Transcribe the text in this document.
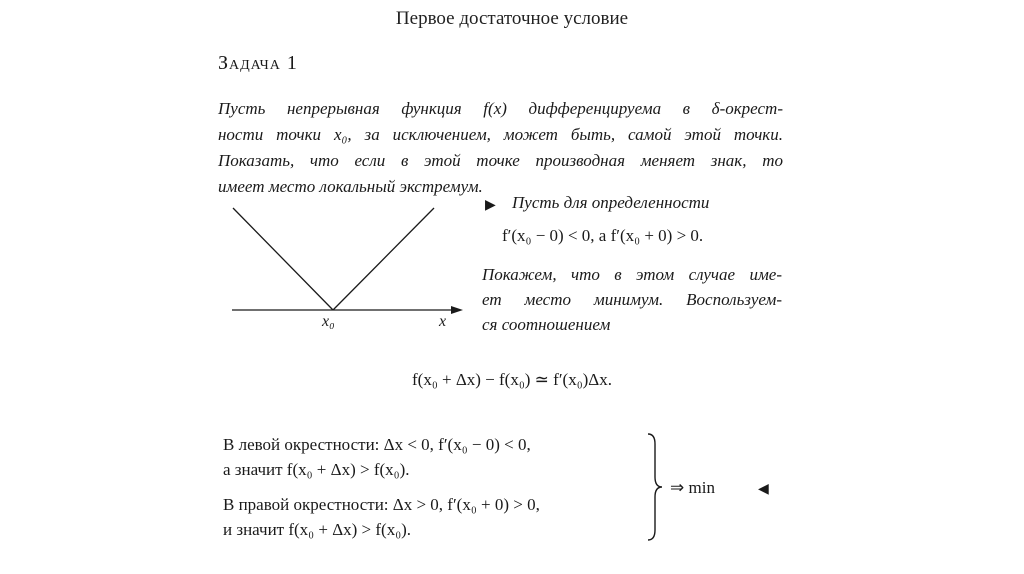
Первое достаточное условие
Задача 1
Пусть непрерывная функция f(x) дифференцируема в δ-окрест-
ности точки x₀, за исключением, может быть, самой этой точки.
Показать, что если в этой точке производная меняет знак, то
имеет место локальный экстремум.
x₀	x
▶ Пусть для определенности
f′(x₀ − 0) < 0, а f′(x₀ + 0) > 0.
Покажем, что в этом случае име-
ет место минимум. Воспользуем-
ся соотношением
f(x₀ + Δx) − f(x₀) ≃ f′(x₀)Δx.
В левой окрестности: Δx < 0, f′(x₀ − 0) < 0,
а значит f(x₀ + Δx) > f(x₀).
В правой окрестности: Δx > 0, f′(x₀ + 0) > 0,
и значит f(x₀ + Δx) > f(x₀).
⇒ min	◀
